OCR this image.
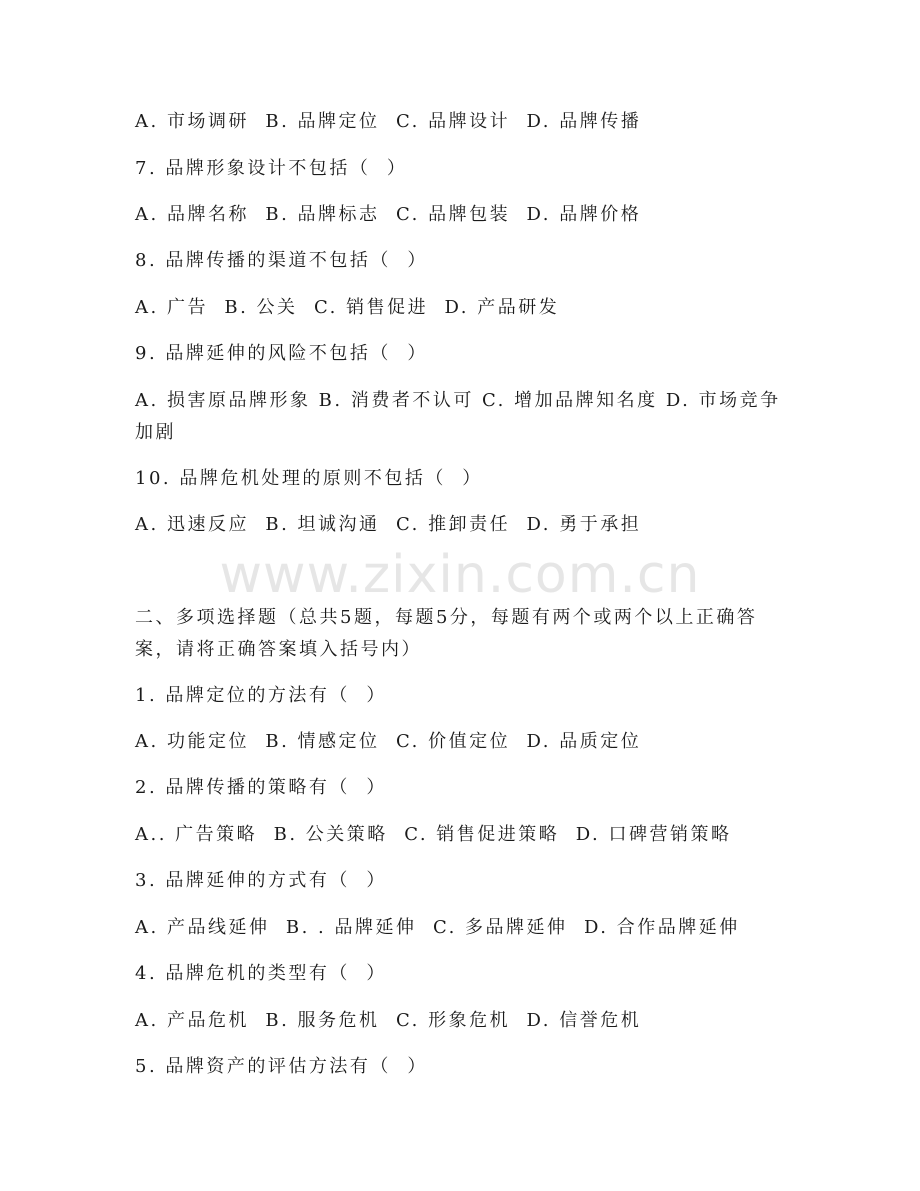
A. 市场调研  B. 品牌定位  C. 品牌设计  D. 品牌传播
7. 品牌形象设计不包括（  ）
A. 品牌名称  B. 品牌标志  C. 品牌包装  D. 品牌价格
8. 品牌传播的渠道不包括（  ）
A. 广告  B. 公关  C. 销售促进  D. 产品研发
9. 品牌延伸的风险不包括（  ）
A. 损害原品牌形象 B. 消费者不认可 C. 增加品牌知名度 D. 市场竞争加剧
10. 品牌危机处理的原则不包括（  ）
A. 迅速反应  B. 坦诚沟通  C. 推卸责任  D. 勇于承担
二、多项选择题（总共5题，每题5分，每题有两个或两个以上正确答案，请将正确答案填入括号内）
1. 品牌定位的方法有（  ）
A. 功能定位  B. 情感定位  C. 价值定位  D. 品质定位
2. 品牌传播的策略有（  ）
A.. 广告策略  B. 公关策略  C. 销售促进策略  D. 口碑营销策略
3. 品牌延伸的方式有（  ）
A. 产品线延伸  B. . 品牌延伸  C. 多品牌延伸  D. 合作品牌延伸
4. 品牌危机的类型有（  ）
A. 产品危机  B. 服务危机  C. 形象危机  D. 信誉危机
5. 品牌资产的评估方法有（  ）
www.zixin.com.cn
